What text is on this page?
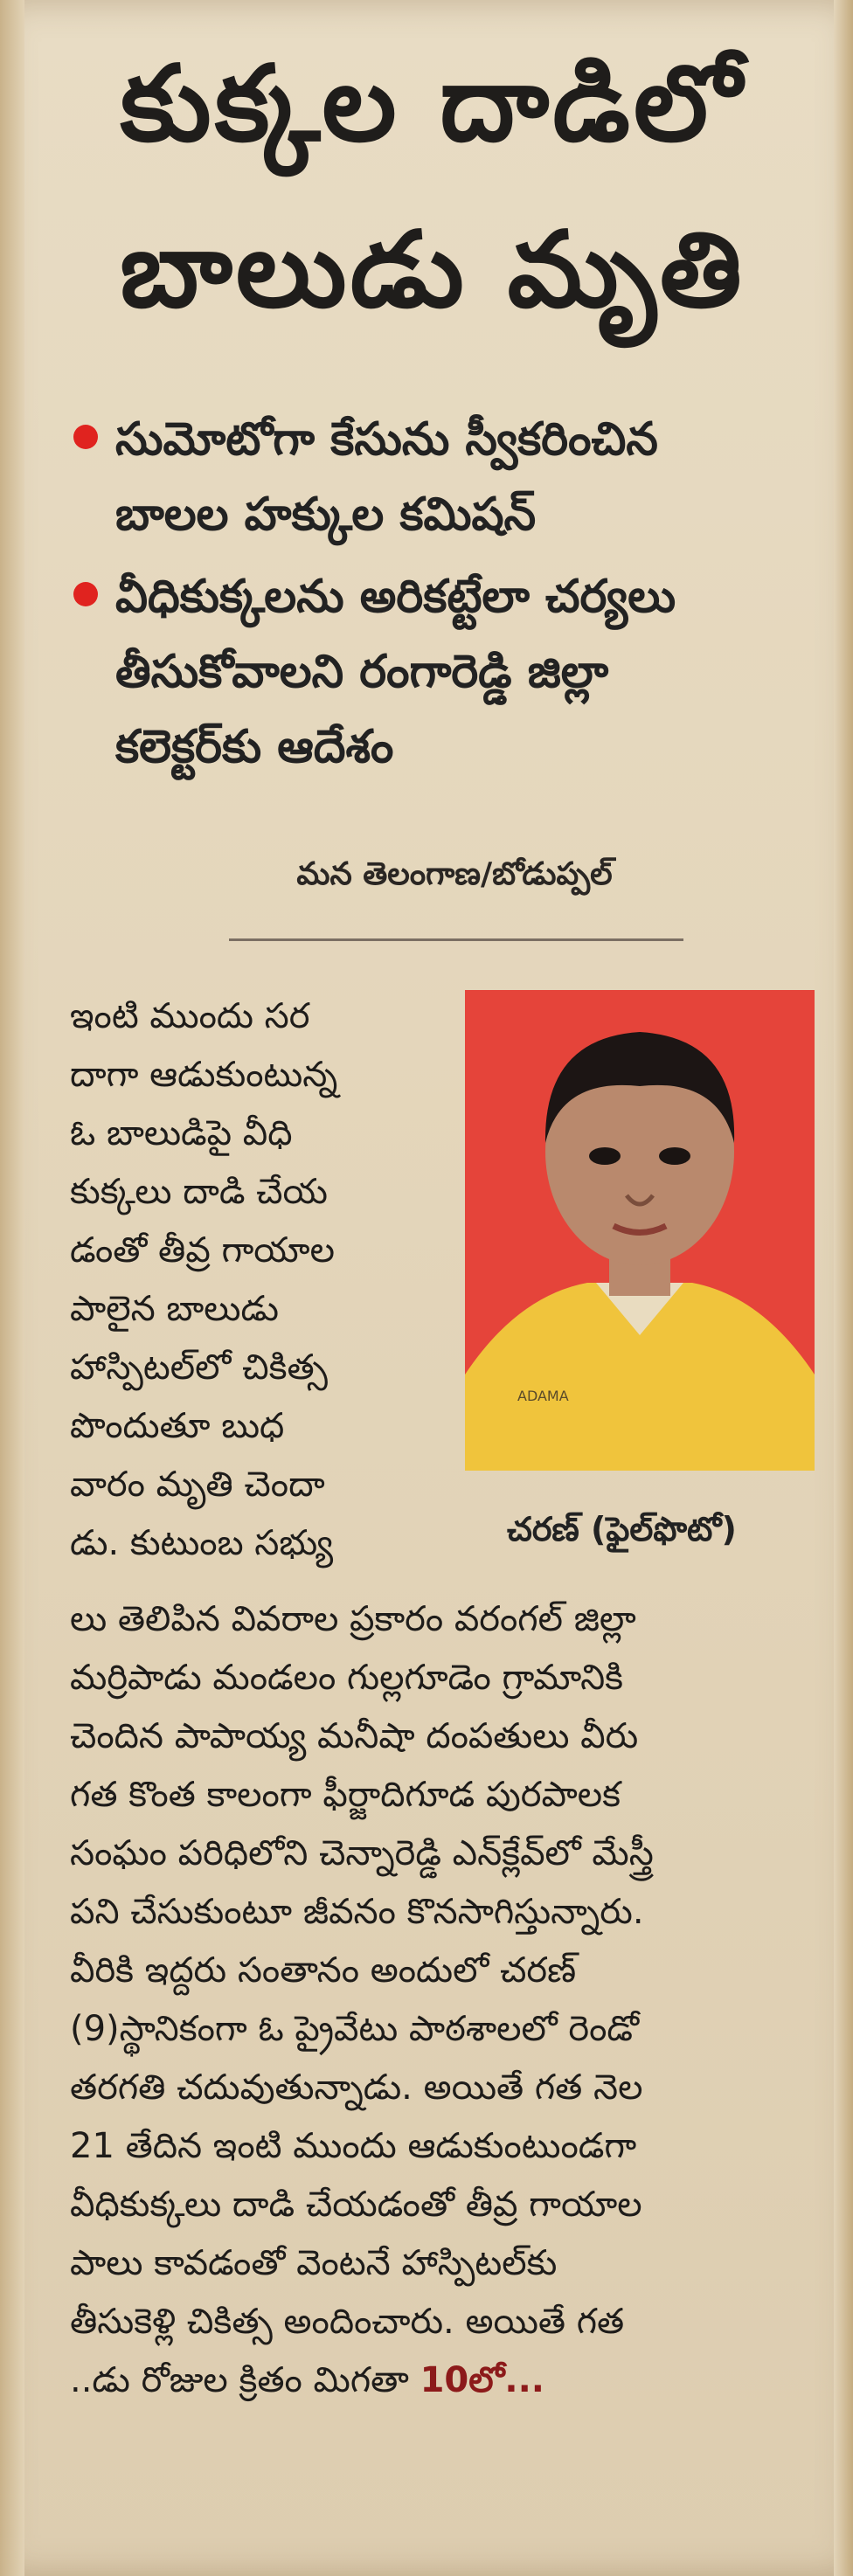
కుక్కల దాడిలో
బాలుడు మృతి
సుమోటోగా కేసును స్వీకరించిన
బాలల హక్కుల కమిషన్
వీధికుక్కలను అరికట్టేలా చర్యలు
తీసుకోవాలని రంగారెడ్డి జిల్లా
కలెక్టర్‌కు ఆదేశం
మన తెలంగాణ/బోడుప్పల్
ఇంటి ముందు సర
దాగా ఆడుకుంటున్న
ఓ బాలుడిపై వీధి
కుక్కలు దాడి చేయ
డంతో తీవ్ర గాయాల
పాలైన బాలుడు
హాస్పిటల్‌లో చికిత్స
పొందుతూ బుధ
వారం మృతి చెందా
డు. కుటుంబ సభ్యు
ADAMA
చరణ్ (ఫైల్‌ఫొటో)
లు తెలిపిన వివరాల ప్రకారం వరంగల్ జిల్లా
మర్రిపాడు మండలం గుల్లగూడెం గ్రామానికి
చెందిన పాపాయ్య మనీషా దంపతులు వీరు
గత కొంత కాలంగా ఫీర్జాదిగూడ పురపాలక
సంఘం పరిధిలోని చెన్నారెడ్డి ఎన్‌క్లేవ్‌లో మేస్త్రీ
పని చేసుకుంటూ జీవనం కొనసాగిస్తున్నారు.
వీరికి ఇద్దరు సంతానం అందులో చరణ్
(9)స్థానికంగా ఓ ప్రైవేటు పాఠశాలలో రెండో
తరగతి చదువుతున్నాడు. అయితే గత నెల
21 తేదిన ఇంటి ముందు ఆడుకుంటుండగా
వీధికుక్కలు దాడి చేయడంతో తీవ్ర గాయాల
పాలు కావడంతో వెంటనే హాస్పిటల్‌కు
తీసుకెళ్లి చికిత్స అందించారు. అయితే గత
..డు రోజుల క్రితం మిగతా 10లో...
